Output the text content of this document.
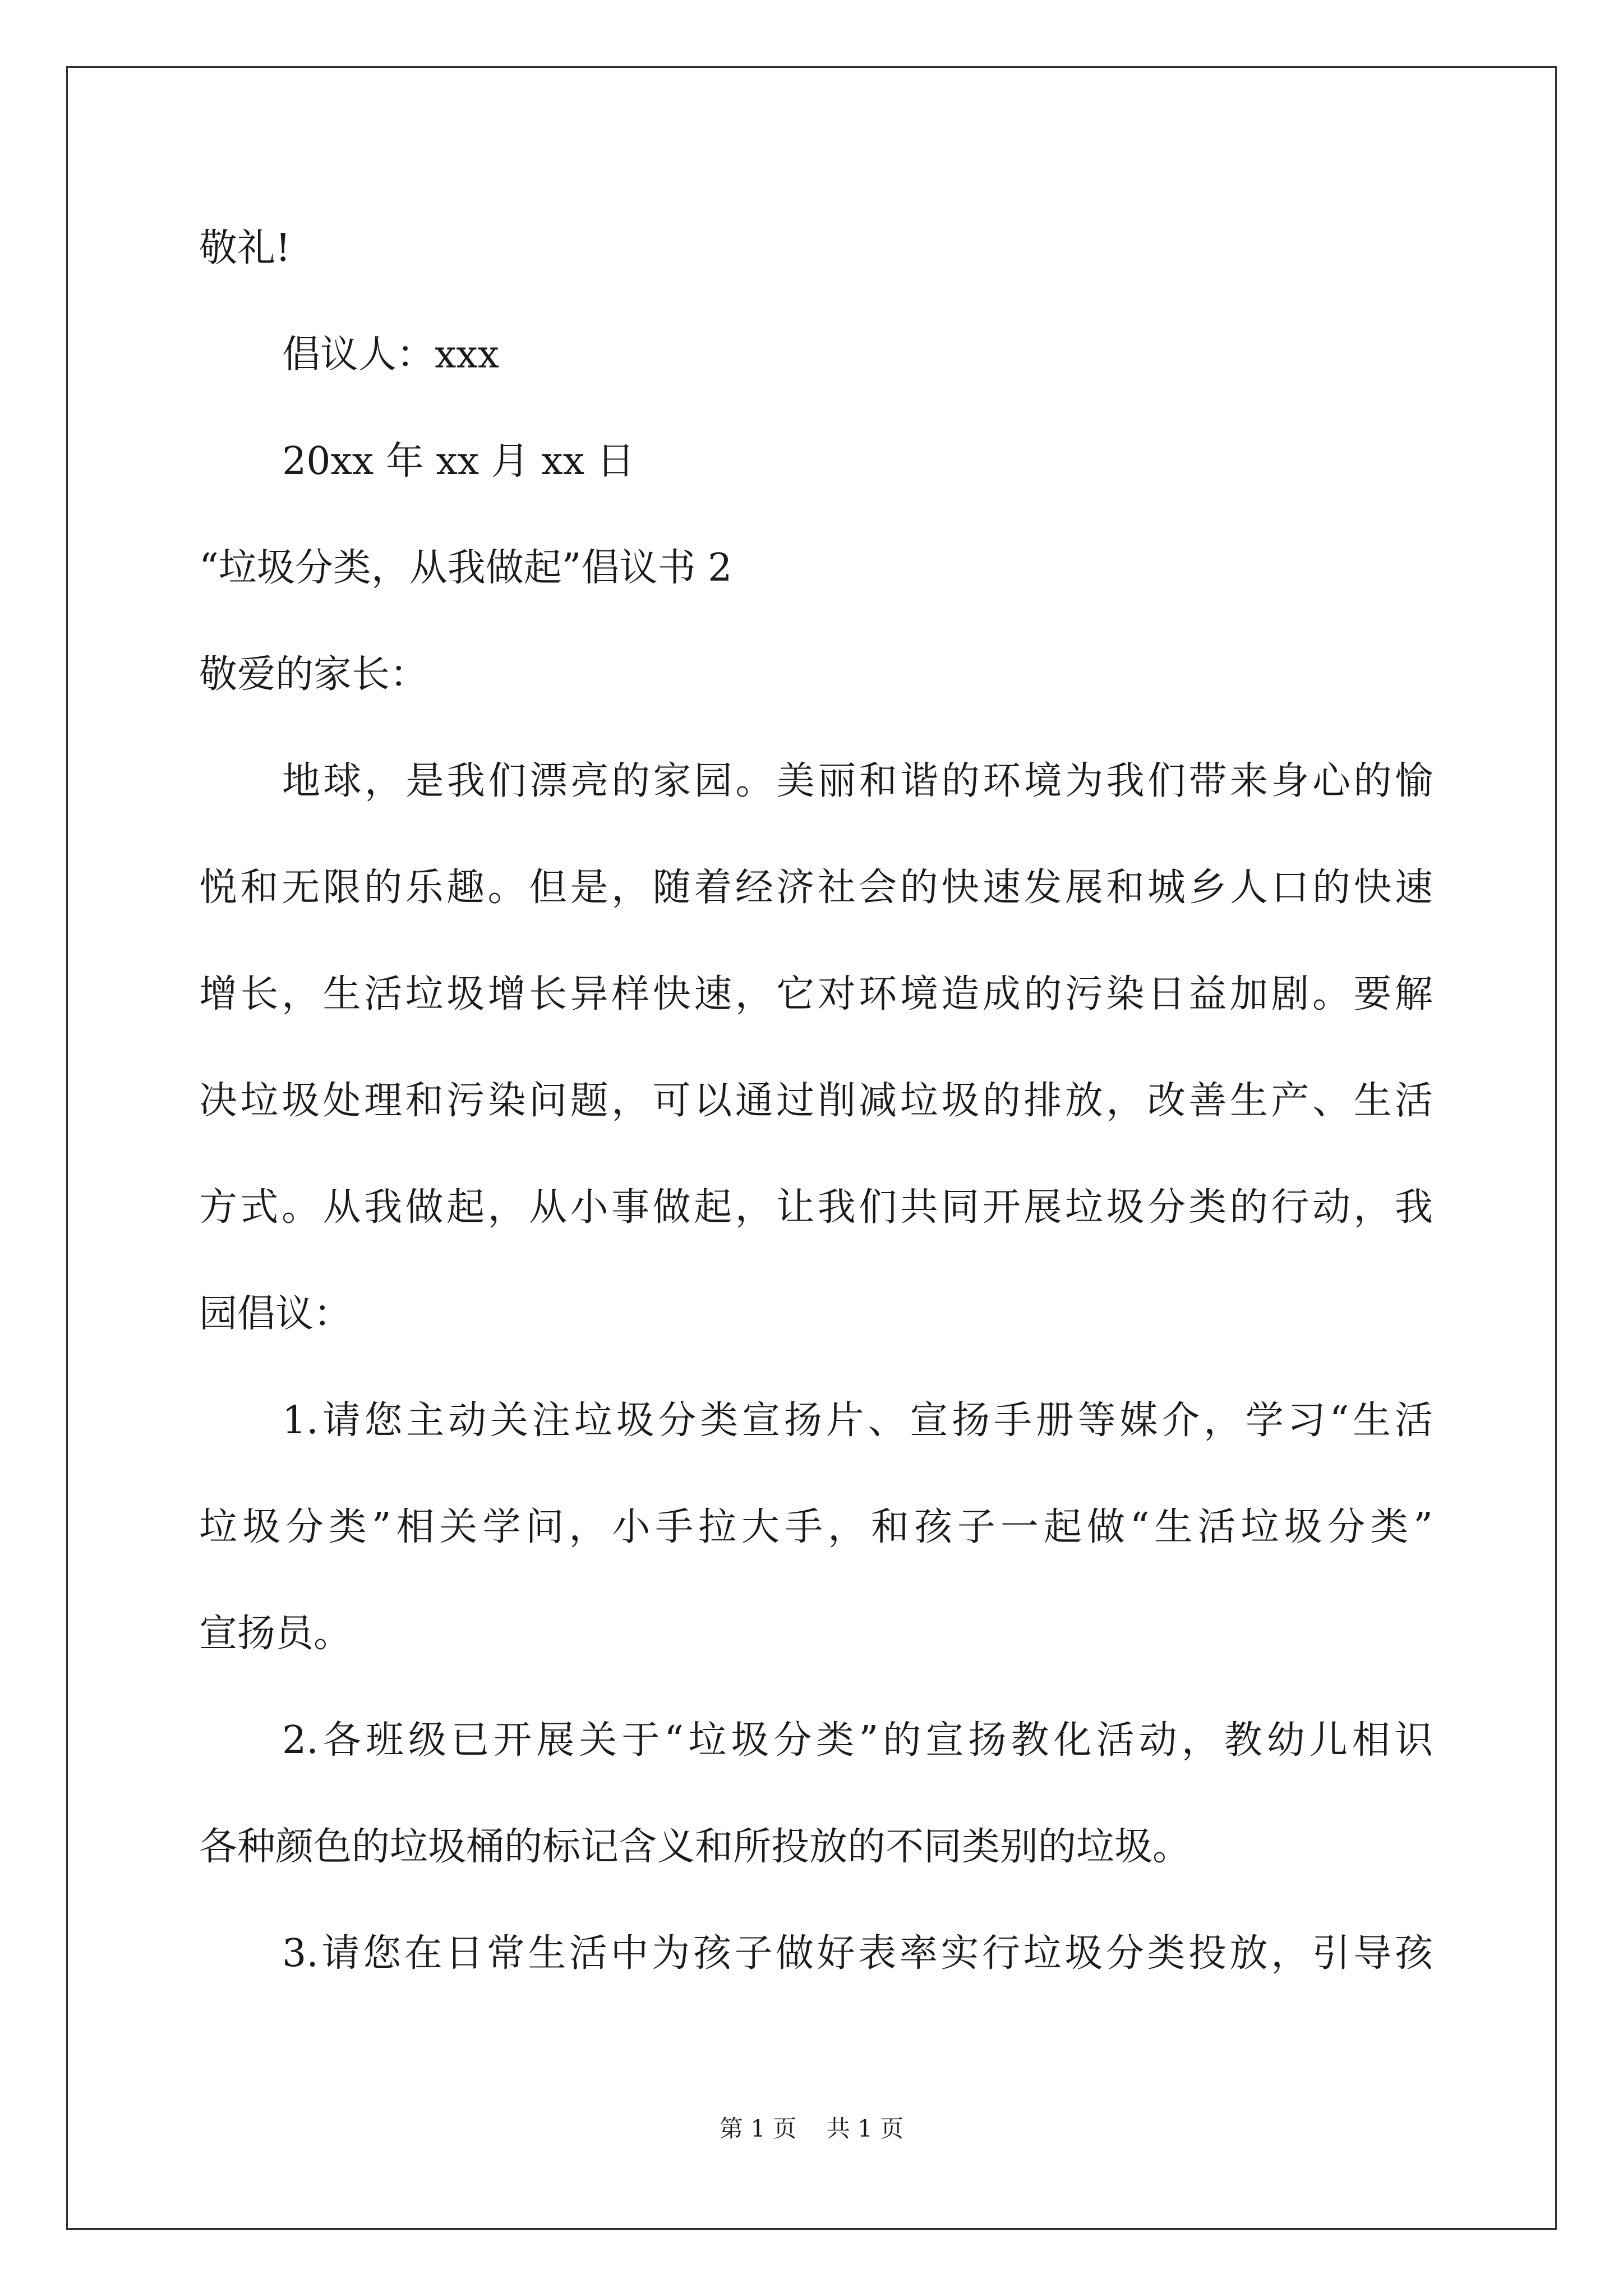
敬礼!
倡议人：xxx
20xx 年 xx 月 xx 日
“垃圾分类，从我做起”倡议书 2
敬爱的家长：
地球，是我们漂亮的家园。美丽和谐的环境为我们带来身心的愉
悦和无限的乐趣。但是，随着经济社会的快速发展和城乡人口的快速
增长，生活垃圾增长异样快速，它对环境造成的污染日益加剧。要解
决垃圾处理和污染问题，可以通过削减垃圾的排放，改善生产、生活
方式。从我做起，从小事做起，让我们共同开展垃圾分类的行动，我
园倡议：
1.请您主动关注垃圾分类宣扬片、宣扬手册等媒介，学习“生活
垃圾分类”相关学问，小手拉大手，和孩子一起做“生活垃圾分类”
宣扬员。
2.各班级已开展关于“垃圾分类”的宣扬教化活动，教幼儿相识
各种颜色的垃圾桶的标记含义和所投放的不同类别的垃圾。
3.请您在日常生活中为孩子做好表率实行垃圾分类投放，引导孩
第 1 页    共 1 页
